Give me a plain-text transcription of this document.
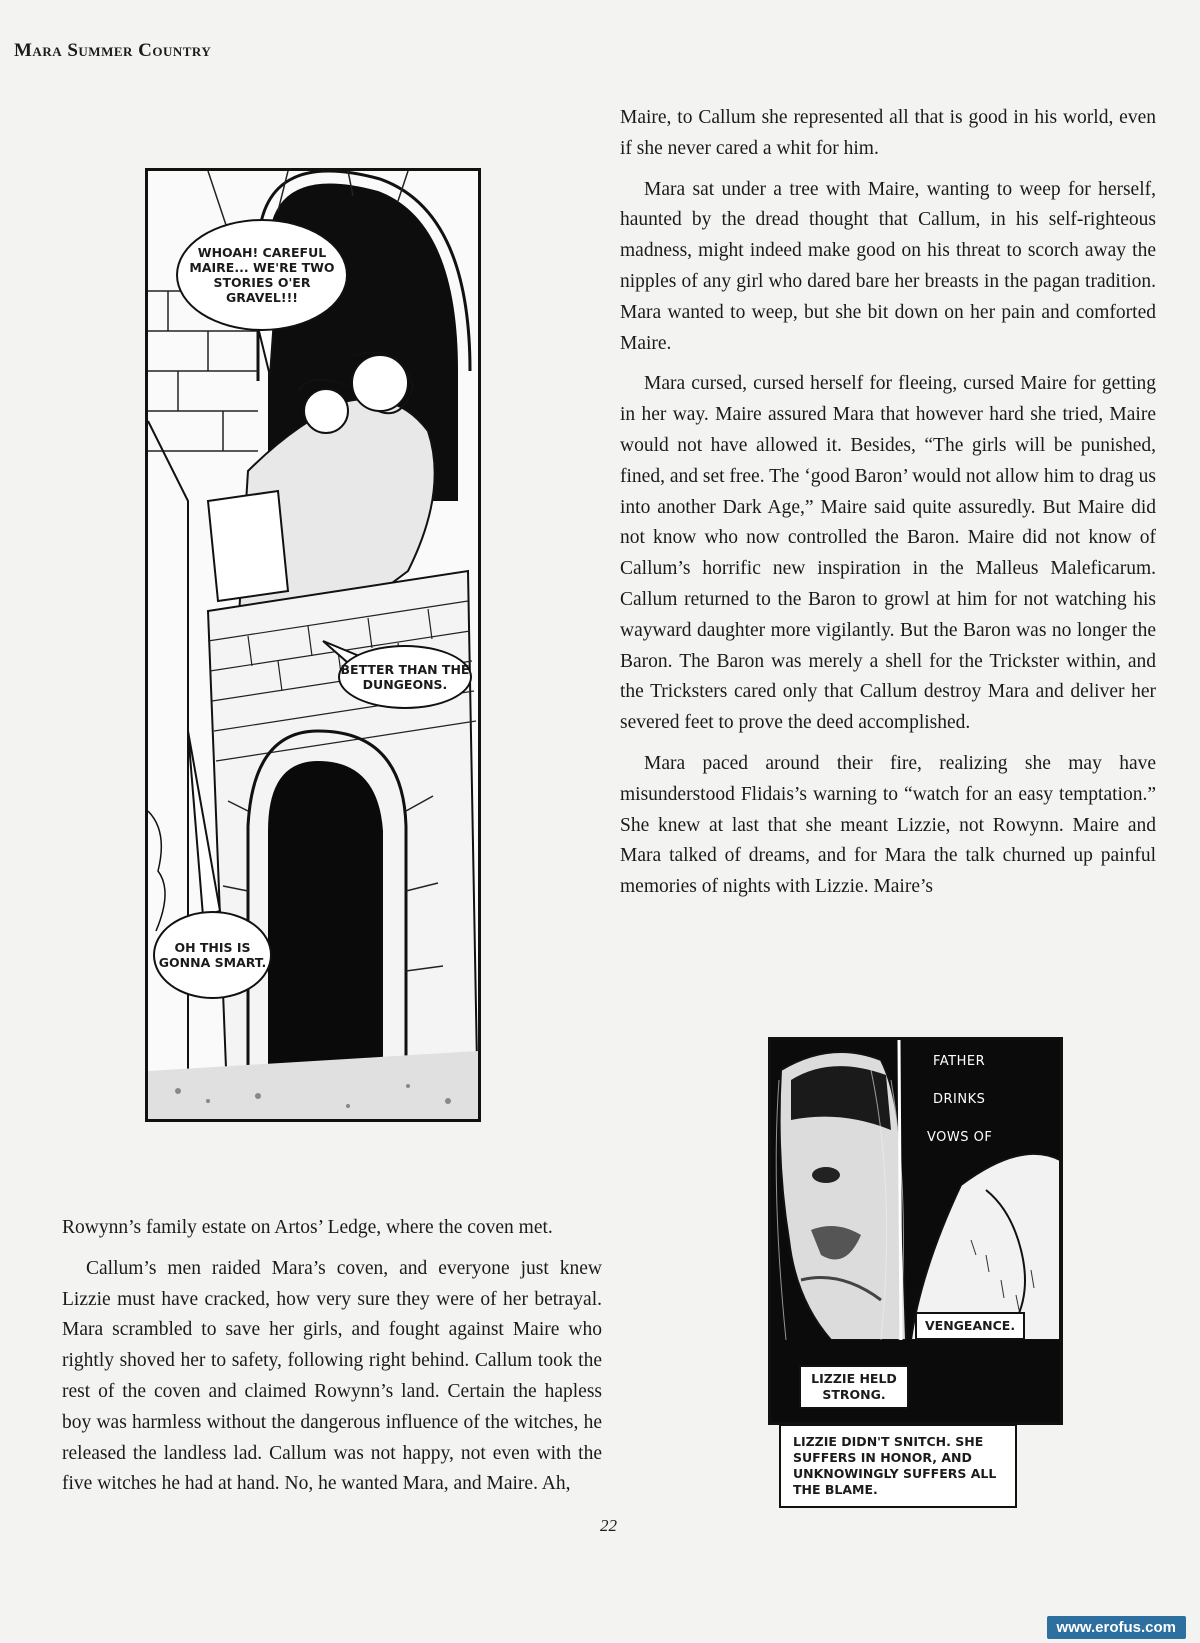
Mara Summer Country
WHOAH! CAREFUL MAIRE... WE'RE TWO STORIES O'ER GRAVEL!!!
BETTER THAN THE DUNGEONS.
OH THIS IS GONNA SMART.

Maire, to Callum she represented all that is good in his world, even if she never cared a whit for him.

Mara sat under a tree with Maire, wanting to weep for herself, haunted by the dread thought that Callum, in his self-righteous madness, might indeed make good on his threat to scorch away the nipples of any girl who dared bare her breasts in the pagan tradition. Mara wanted to weep, but she bit down on her pain and comforted Maire.

Mara cursed, cursed herself for fleeing, cursed Maire for getting in her way. Maire assured Mara that however hard she tried, Maire would not have allowed it. Besides, “The girls will be punished, fined, and set free. The ‘good Baron’ would not allow him to drag us into another Dark Age,” Maire said quite assuredly. But Maire did not know who now controlled the Baron. Maire did not know of Callum’s horrific new inspiration in the Malleus Maleficarum. Callum returned to the Baron to growl at him for not watching his wayward daughter more vigilantly. But the Baron was no longer the Baron. The Baron was merely a shell for the Trickster within, and the Tricksters cared only that Callum destroy Mara and deliver her severed feet to prove the deed accomplished.

Mara paced around their fire, realizing she may have misunderstood Flidais’s warning to “watch for an easy temptation.” She knew at last that she meant Lizzie, not Rowynn. Maire and Mara talked of dreams, and for Mara the talk churned up painful memories of nights with Lizzie. Maire’s

FATHER
DRINKS
VOWS OF
VENGEANCE.
LIZZIE HELD STRONG.
LIZZIE DIDN'T SNITCH. SHE SUFFERS IN HONOR, AND UNKNOWINGLY SUFFERS ALL THE BLAME.

Rowynn’s family estate on Artos’ Ledge, where the coven met.

Callum’s men raided Mara’s coven, and everyone just knew Lizzie must have cracked, how very sure they were of her betrayal. Mara scrambled to save her girls, and fought against Maire who rightly shoved her to safety, following right behind. Callum took the rest of the coven and claimed Rowynn’s land. Certain the hapless boy was harmless without the dangerous influence of the witches, he released the landless lad. Callum was not happy, not even with the five witches he had at hand. No, he wanted Mara, and Maire. Ah,

22
www.erofus.com
